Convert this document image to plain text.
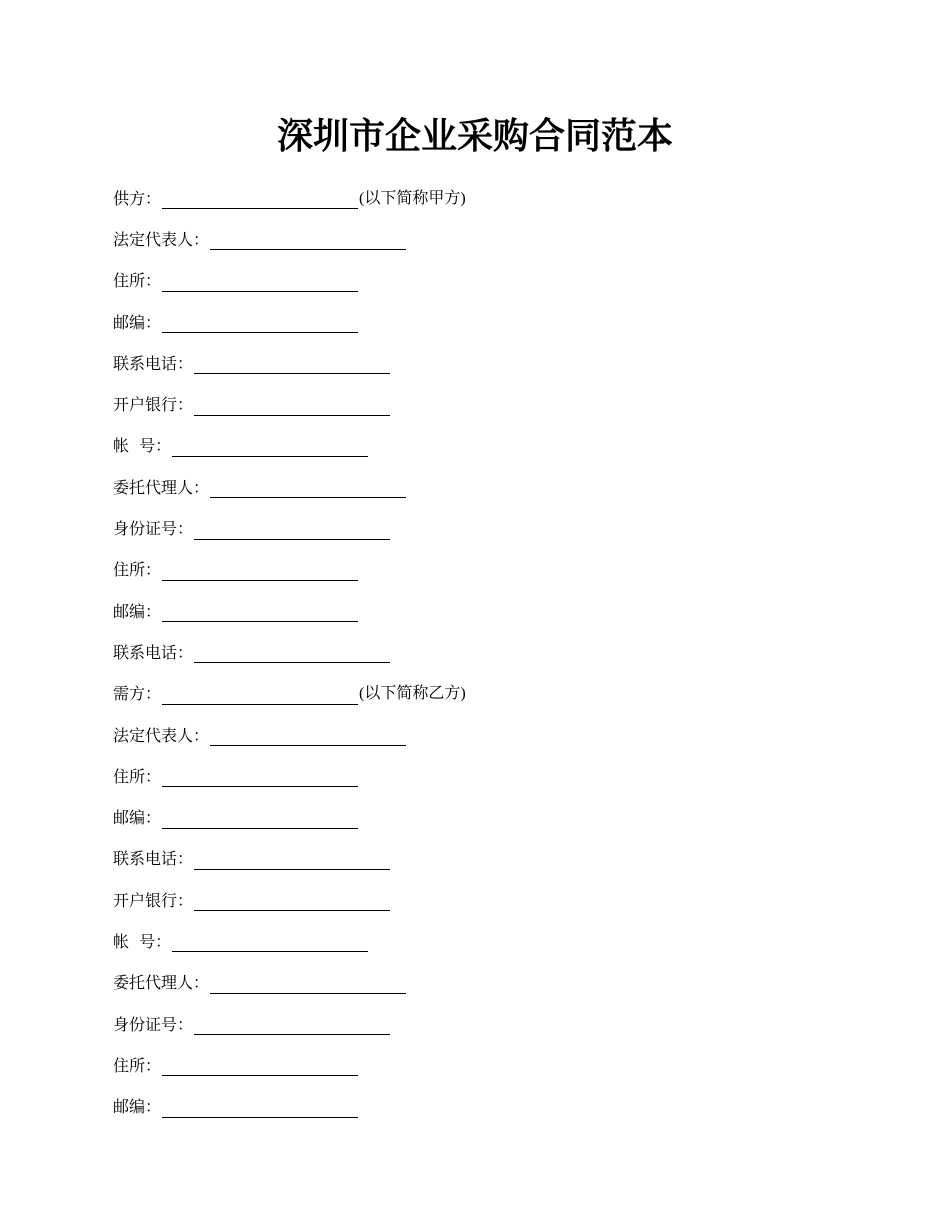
深圳市企业采购合同范本
供方：	(以下简称甲方)
法定代表人：
住所：
邮编：
联系电话：
开户银行：
帐  号：
委托代理人：
身份证号：
住所：
邮编：
联系电话：
需方：	(以下简称乙方)
法定代表人：
住所：
邮编：
联系电话：
开户银行：
帐  号：
委托代理人：
身份证号：
住所：
邮编：
